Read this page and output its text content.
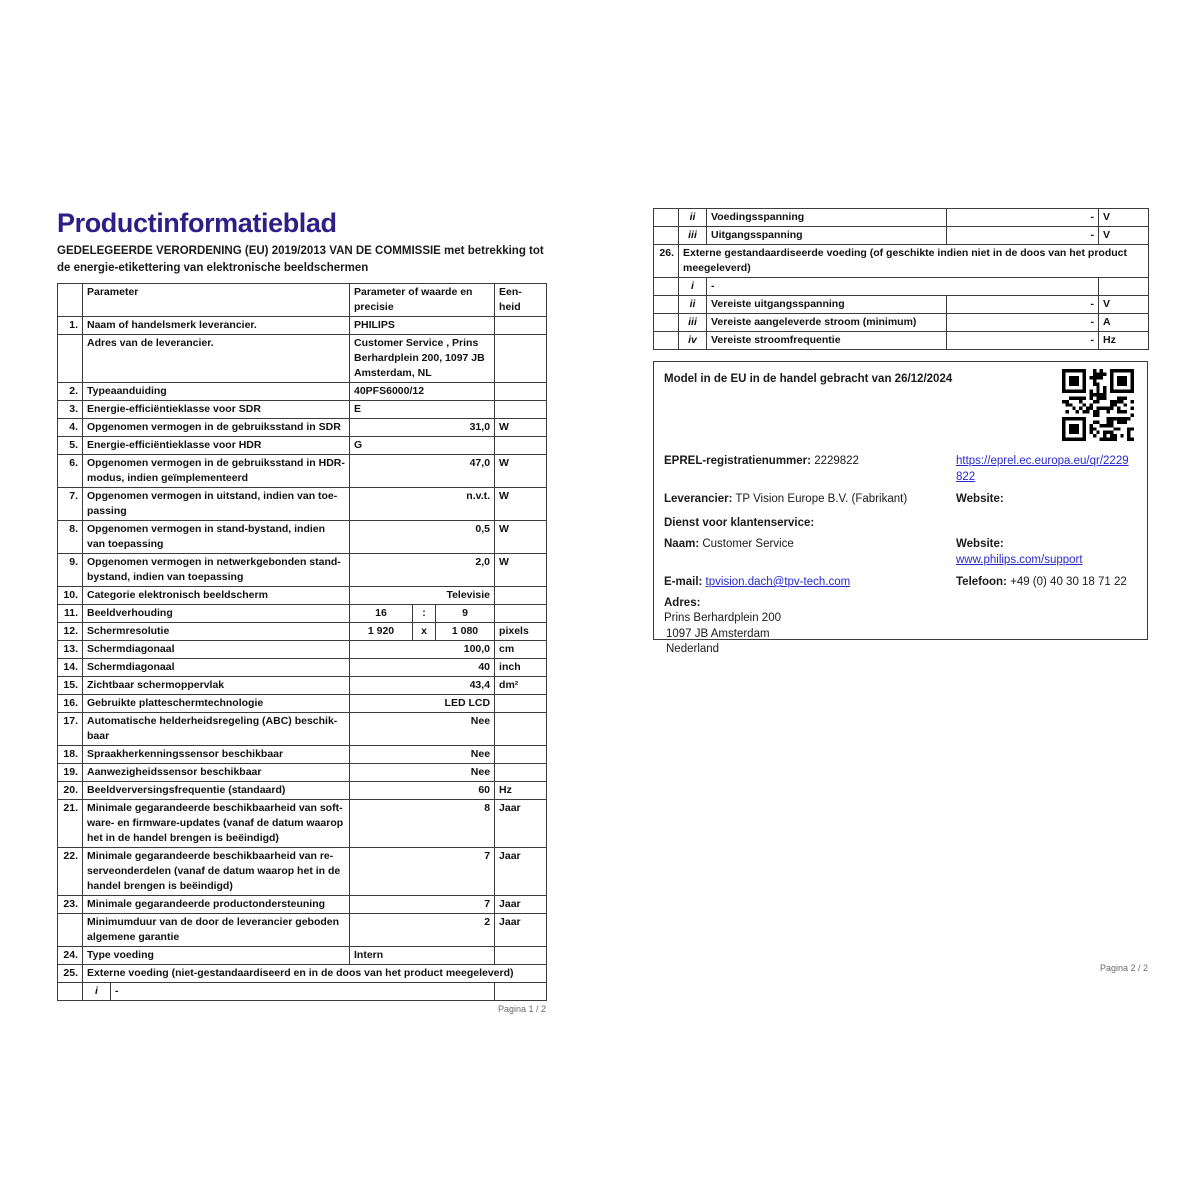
Productinformatieblad

GEDELEGEERDE VERORDENING (EU) 2019/2013 VAN DE COMMISSIE met betrekking tot de energie-etikettering van elektronische beeldschermen

	Parameter		Parameter of waarde en precisie			Een-heid
1.	Naam of handelsmerk leverancier.		PHILIPS			
	Adres van de leverancier.		Customer Service , Prins Berhardplein 200, 1097 JB Amsterdam, NL			
2.	Typeaanduiding		40PFS6000/12			
3.	Energie-efficiëntieklasse voor SDR		E			
4.	Opgenomen vermogen in de gebruiksstand in SDR		31,0			W
5.	Energie-efficiëntieklasse voor HDR		G			
6.	Opgenomen vermogen in de gebruiksstand in HDR-modus, indien geïmplementeerd		47,0			W
7.	Opgenomen vermogen in uitstand, indien van toe-passing		n.v.t.			W
8.	Opgenomen vermogen in stand-bystand, indien van toepassing		0,5			W
9.	Opgenomen vermogen in netwerkgebonden stand-bystand, indien van toepassing		2,0			W
10.	Categorie elektronisch beeldscherm		Televisie			
11.	Beeldverhouding		16	:	9	
12.	Schermresolutie		1 920	x	1 080	pixels
13.	Schermdiagonaal		100,0			cm
14.	Schermdiagonaal		40			inch
15.	Zichtbaar schermoppervlak		43,4			dm²
16.	Gebruikte platteschermtechnologie		LED LCD			
17.	Automatische helderheidsregeling (ABC) beschik-baar		Nee			
18.	Spraakherkenningssensor beschikbaar		Nee			
19.	Aanwezigheidssensor beschikbaar		Nee			
20.	Beeldverversingsfrequentie (standaard)		60			Hz
21.	Minimale gegarandeerde beschikbaarheid van soft-ware- en firmware-updates (vanaf de datum waarop het in de handel brengen is beëindigd)		8			Jaar
22.	Minimale gegarandeerde beschikbaarheid van re-serveonderdelen (vanaf de datum waarop het in de handel brengen is beëindigd)		7			Jaar
23.	Minimale gegarandeerde productondersteuning		7			Jaar
	Minimumduur van de door de leverancier geboden algemene garantie		2			Jaar
24.	Type voeding		Intern			
25.	Externe voeding (niet-gestandaardiseerd en in de doos van het product meegeleverd)					
	i	-				
Pagina 1 / 2
	ii	Voedingsspanning	-	V
	iii	Uitgangsspanning	-	V
26.	Externe gestandaardiseerde voeding (of geschikte indien niet in de doos van het product meegeleverd)			
	i	-		
	ii	Vereiste uitgangsspanning	-	V
	iii	Vereiste aangeleverde stroom (minimum)	-	A
	iv	Vereiste stroomfrequentie	-	Hz
Model in de EU in de handel gebracht van 26/12/2024
EPREL-registratienummer: 2229822	https://eprel.ec.europa.eu/qr/2229822
Leverancier: TP Vision Europe B.V. (Fabrikant)	Website:
Dienst voor klantenservice:
Naam: Customer Service	Website: www.philips.com/support
E-mail: tpvision.dach@tpv-tech.com	Telefoon: +49 (0) 40 30 18 71 22
Adres:
Prins Berhardplein 200
1097 JB Amsterdam
Nederland
Pagina 2 / 2
